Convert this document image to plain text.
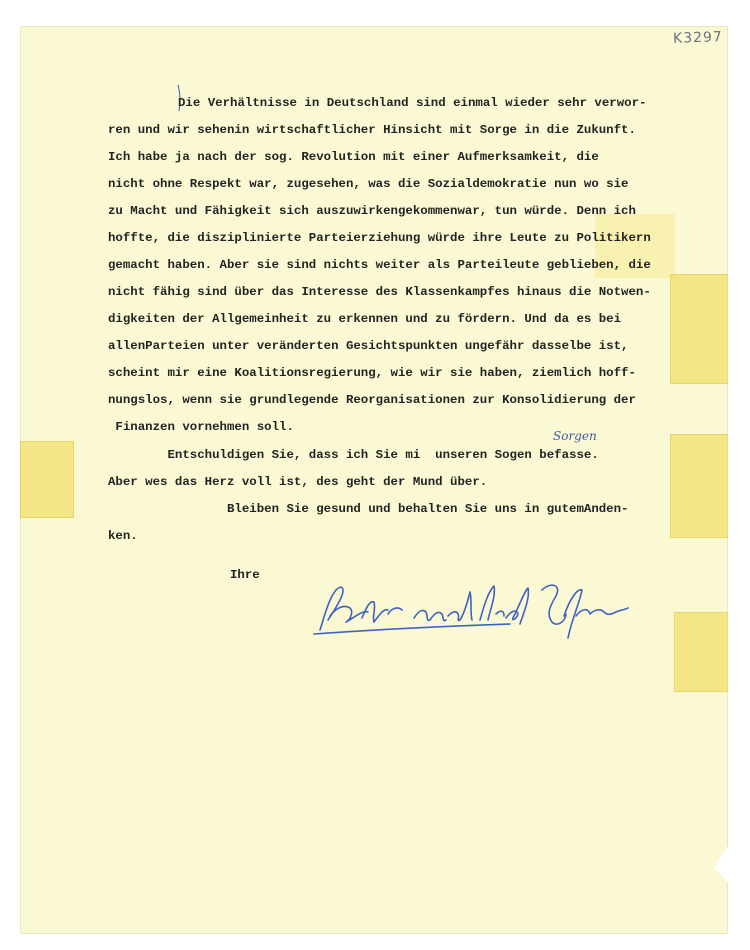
K3297
Die Verhältnisse in Deutschland sind einmal wieder sehr verwor-
ren und wir sehenin wirtschaftlicher Hinsicht mit Sorge in die Zukunft.
Ich habe ja nach der sog. Revolution mit einer Aufmerksamkeit, die
nicht ohne Respekt war, zugesehen, was die Sozialdemokratie nun wo sie
zu Macht und Fähigkeit sich auszuwirkengekommenwar, tun würde. Denn ich
hoffte, die disziplinierte Parteierziehung würde ihre Leute zu Politikern
gemacht haben. Aber sie sind nichts weiter als Parteileute geblieben, die
nicht fähig sind über das Interesse des Klassenkampfes hinaus die Notwen-
digkeiten der Allgemeinheit zu erkennen und zu fördern. Und da es bei
allenParteien unter veränderten Gesichtspunkten ungefähr dasselbe ist,
scheint mir eine Koalitionsregierung, wie wir sie haben, ziemlich hoff-
nungslos, wenn sie grundlegende Reorganisationen zur Konsolidierung der
Finanzen vornehmen soll.
Entschuldigen Sie, dass ich Sie mi  unseren Sogen befasse.
Aber wes das Herz voll ist, des geht der Mund über.
Bleiben Sie gesund und behalten Sie uns in gutemAnden-
ken.
Ihre
Sorgen
